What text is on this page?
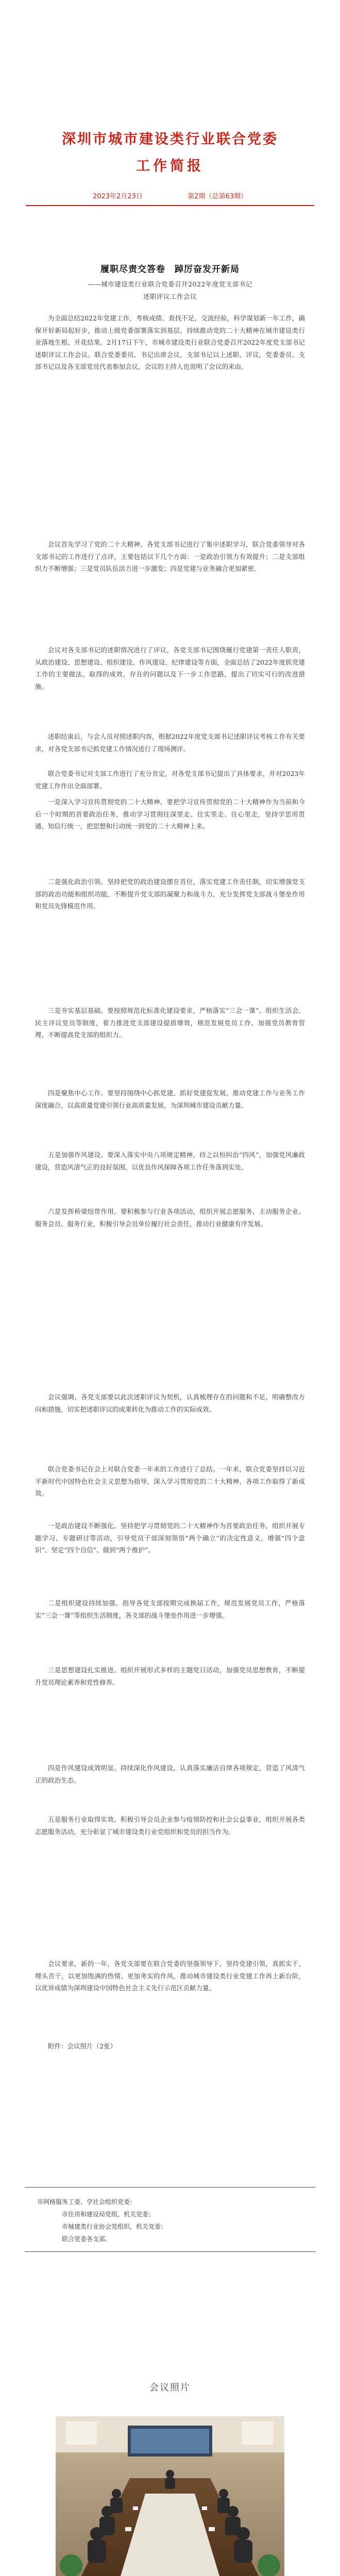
深圳市城市建设类行业联合党委
工作简报
2023年2月23日	第2期（总第63期）
履职尽责交答卷　踔厉奋发开新局
——城市建设类行业联合党委召开2022年度党支部书记
述职评议工作会议

为全面总结2022年党建工作，考核成绩、查找不足，交流经验，科学谋划新一年工作，确保开好新局起好步，推动上级党委部署落实到基层，持续推动党的二十大精神在城市建设类行业落地生根、开花结果。2月17日下午，市城市建设类行业联合党委召开2022年度党支部书记述职评议工作会议。联合党委委员、书记出席会议，支部书记以上述职、评议，党委委员、支部书记以及各支部党员代表参加会议，会议的主持人也说明了会议的来由。

会议首先学习了党的二十大精神，各党支部书记进行了集中述职学习，联合党委领导对各支部书记的工作进行了点评，主要包括以下几个方面：一是政治引领力有效提升；二是支部组织力不断增强；三是党员队伍活力进一步激发；四是党建与业务融合更加紧密。

会议对各支部书记的述职情况进行了评议，各党支部书记围绕履行党建第一责任人职责，从政治建设、思想建设、组织建设、作风建设、纪律建设等方面，全面总结了2022年度抓党建工作的主要做法、取得的成效、存在的问题以及下一步工作思路，提出了切实可行的改进措施。

述职结束后，与会人员对照述职内容，根据2022年度党支部书记述职评议考核工作有关要求，对各党支部书记抓党建工作情况进行了现场测评。

联合党委书记对支部工作进行了充分肯定，对各党支部书记提出了具体要求，并对2023年党建工作作出全面部署。

一是深入学习宣传贯彻党的二十大精神。要把学习宣传贯彻党的二十大精神作为当前和今后一个时期的首要政治任务，推动学习贯彻往深里走、往实里走、往心里走，坚持学思用贯通、知信行统一，把思想和行动统一到党的二十大精神上来。

二是强化政治引领。坚持把党的政治建设摆在首位，落实党建工作责任制，切实增强党支部的政治功能和组织功能，不断提升党支部的凝聚力和战斗力，充分发挥党支部战斗堡垒作用和党员先锋模范作用。

三是夯实基层基础。要按照规范化标准化建设要求，严格落实“三会一课”、组织生活会、民主评议党员等制度，着力推进党支部建设提质增效，规范发展党员工作，加强党员教育管理，不断提高党支部的组织力。

四是聚焦中心工作。要坚持围绕中心抓党建、抓好党建促发展，推动党建工作与业务工作深度融合，以高质量党建引领行业高质量发展，为深圳城市建设贡献力量。

五是加强作风建设。要深入落实中央八项规定精神，持之以恒纠治“四风”，加强党风廉政建设，营造风清气正的良好氛围，以优良作风保障各项工作任务落到实处。

六是发挥桥梁纽带作用。要积极参与行业各项活动，组织开展志愿服务，主动服务企业、服务会员、服务行业，积极引导会员单位履行社会责任，推动行业健康有序发展。

会议强调，各党支部要以此次述职评议为契机，认真梳理存在的问题和不足，明确整改方向和措施，切实把述职评议的成果转化为推动工作的实际成效。

联合党委书记在会上对联合党委一年来的工作进行了总结。一年来，联合党委坚持以习近平新时代中国特色社会主义思想为指导，深入学习贯彻党的二十大精神，各项工作取得了新成效。

一是政治建设不断强化。坚持把学习贯彻党的二十大精神作为首要政治任务，组织开展专题学习、专题研讨等活动，引导党员干部深刻领悟“两个确立”的决定性意义，增强“四个意识”、坚定“四个自信”、做到“两个维护”。

二是组织建设持续加强。指导各党支部按期完成换届工作，规范发展党员工作，严格落实“三会一课”等组织生活制度，各支部的战斗堡垒作用进一步增强。

三是思想建设扎实推进。组织开展形式多样的主题党日活动，加强党员思想教育，不断提升党员理论素养和党性修养。

四是作风建设成效明显。持续深化作风建设，认真落实廉洁自律各项规定，营造了风清气正的政治生态。

五是服务行业取得实效。积极引导会员企业参与疫情防控和社会公益事业，组织开展各类志愿服务活动，充分彰显了城市建设类行业党组织和党员的担当作为。

会议要求，新的一年，各党支部要在联合党委的坚强领导下，坚持党建引领，真抓实干、埋头苦干，以更加饱满的热情、更加务实的作风，推动城市建设类行业党建工作再上新台阶，以优异成绩为深圳建设中国特色社会主义先行示范区贡献力量。

附件：会议照片（2张）

市网格服务工委、学社会组织党委：
市住房和建设局党组，机关党委；
市城建类行业协会党组织，机关党委；
联合党委各支部。
会议照片
